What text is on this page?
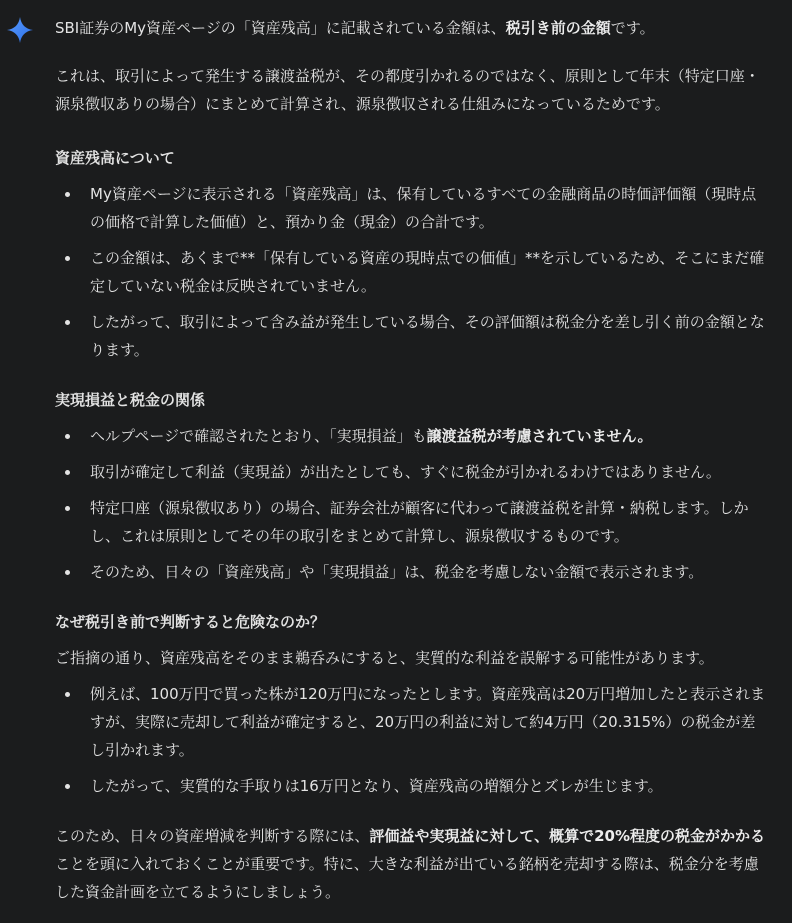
SBI証券のMy資産ページの「資産残高」に記載されている金額は、税引き前の金額です。

これは、取引によって発生する譲渡益税が、その都度引かれるのではなく、原則として年末（特定口座・源泉徴収ありの場合）にまとめて計算され、源泉徴収される仕組みになっているためです。

資産残高について
My資産ページに表示される「資産残高」は、保有しているすべての金融商品の時価評価額（現時点の価格で計算した価値）と、預かり金（現金）の合計です。
この金額は、あくまで**「保有している資産の現時点での価値」**を示しているため、そこにまだ確定していない税金は反映されていません。
したがって、取引によって含み益が発生している場合、その評価額は税金分を差し引く前の金額となります。
実現損益と税金の関係
ヘルプページで確認されたとおり、「実現損益」も譲渡益税が考慮されていません。
取引が確定して利益（実現益）が出たとしても、すぐに税金が引かれるわけではありません。
特定口座（源泉徴収あり）の場合、証券会社が顧客に代わって譲渡益税を計算・納税します。しかし、これは原則としてその年の取引をまとめて計算し、源泉徴収するものです。
そのため、日々の「資産残高」や「実現損益」は、税金を考慮しない金額で表示されます。
なぜ税引き前で判断すると危険なのか？

ご指摘の通り、資産残高をそのまま鵜呑みにすると、実質的な利益を誤解する可能性があります。

例えば、100万円で買った株が120万円になったとします。資産残高は20万円増加したと表示されますが、実際に売却して利益が確定すると、20万円の利益に対して約4万円（20.315%）の税金が差し引かれます。
したがって、実質的な手取りは16万円となり、資産残高の増額分とズレが生じます。

このため、日々の資産増減を判断する際には、評価益や実現益に対して、概算で20%程度の税金がかかることを頭に入れておくことが重要です。特に、大きな利益が出ている銘柄を売却する際は、税金分を考慮した資金計画を立てるようにしましょう。
